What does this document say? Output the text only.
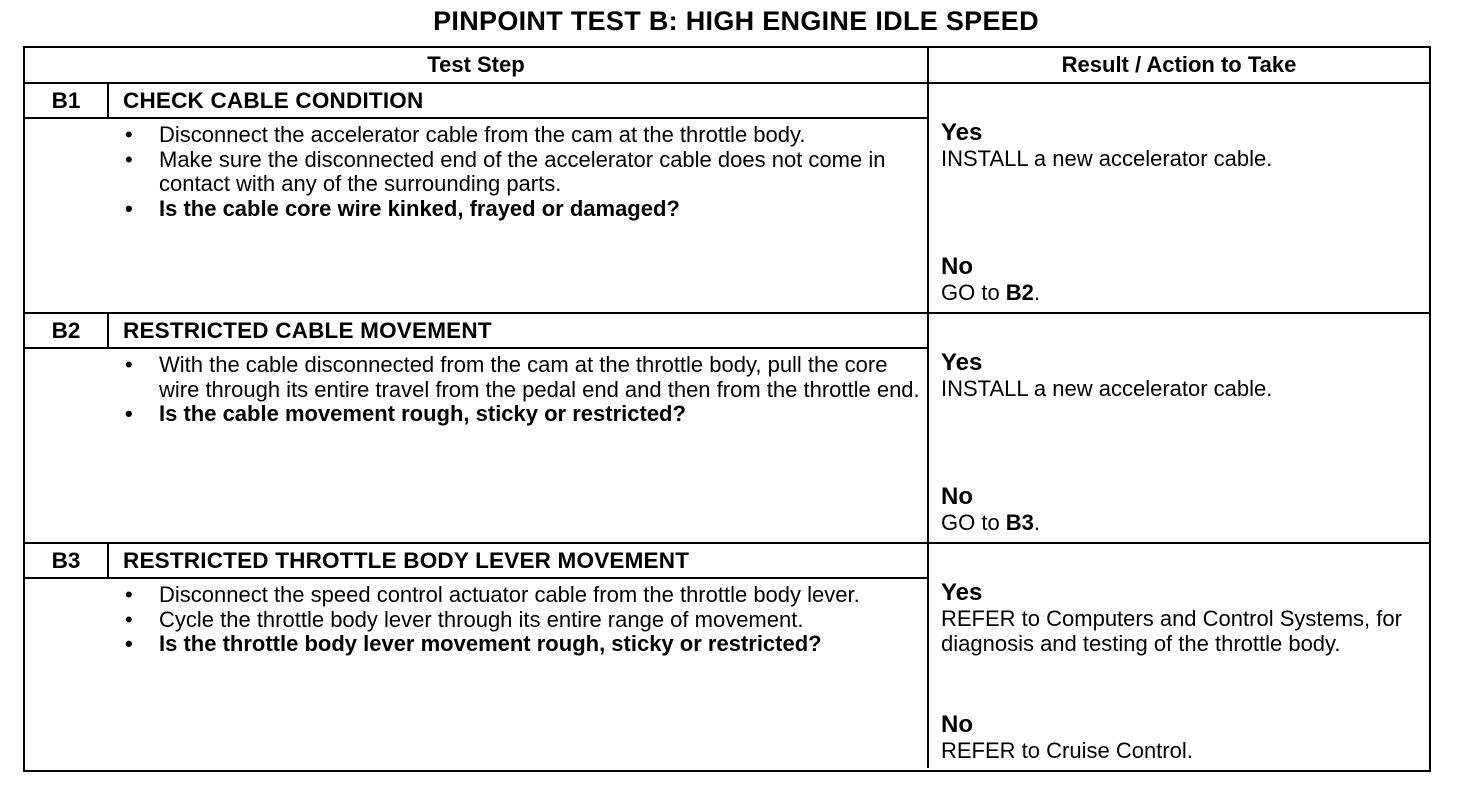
PINPOINT TEST B: HIGH ENGINE IDLE SPEED
Test Step	Result / Action to Take
B1	CHECK CABLE CONDITION
• Disconnect the accelerator cable from the cam at the throttle body.
• Make sure the disconnected end of the accelerator cable does not come in contact with any of the surrounding parts.
• Is the cable core wire kinked, frayed or damaged?
Yes
INSTALL a new accelerator cable.
No
GO to B2.
B2	RESTRICTED CABLE MOVEMENT
• With the cable disconnected from the cam at the throttle body, pull the core wire through its entire travel from the pedal end and then from the throttle end.
• Is the cable movement rough, sticky or restricted?
Yes
INSTALL a new accelerator cable.
No
GO to B3.
B3	RESTRICTED THROTTLE BODY LEVER MOVEMENT
• Disconnect the speed control actuator cable from the throttle body lever.
• Cycle the throttle body lever through its entire range of movement.
• Is the throttle body lever movement rough, sticky or restricted?
Yes
REFER to Computers and Control Systems, for diagnosis and testing of the throttle body.
No
REFER to Cruise Control.
